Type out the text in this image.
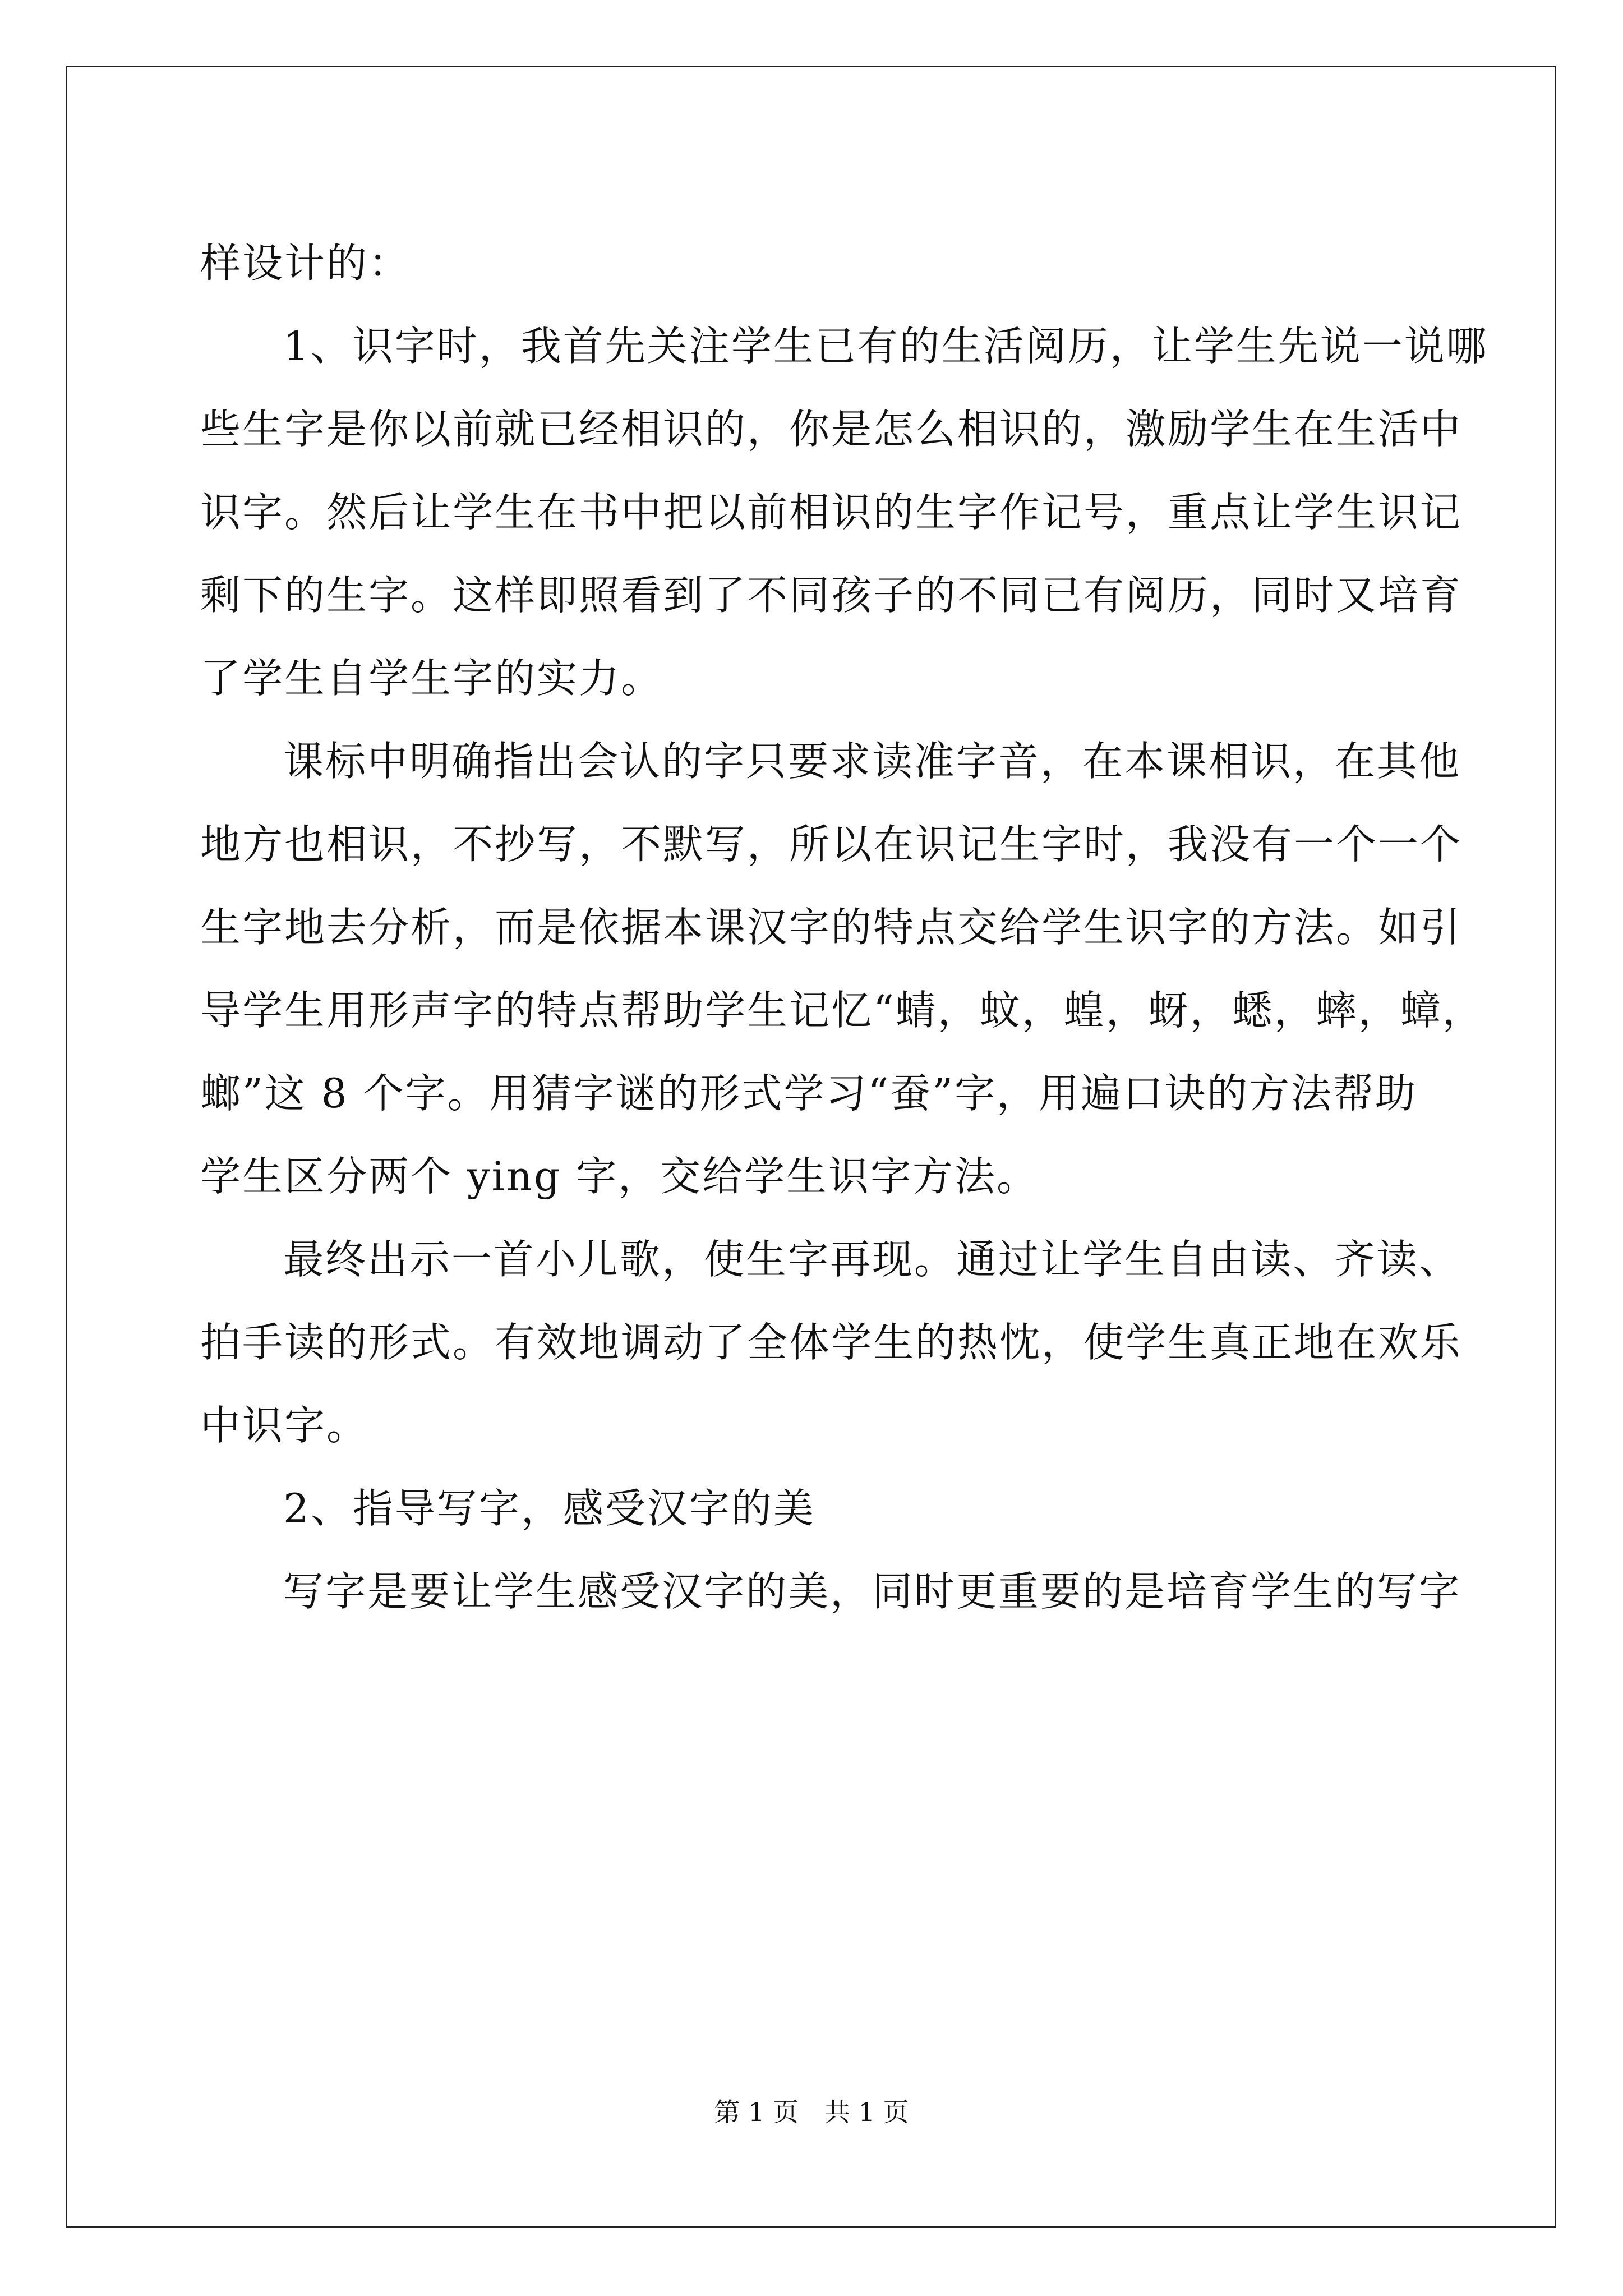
样设计的：

1、识字时，我首先关注学生已有的生活阅历，让学生先说一说哪

些生字是你以前就已经相识的，你是怎么相识的，激励学生在生活中

识字。然后让学生在书中把以前相识的生字作记号，重点让学生识记

剩下的生字。这样即照看到了不同孩子的不同已有阅历，同时又培育

了学生自学生字的实力。

课标中明确指出会认的字只要求读准字音，在本课相识，在其他

地方也相识，不抄写，不默写，所以在识记生字时，我没有一个一个

生字地去分析，而是依据本课汉字的特点交给学生识字的方法。如引

导学生用形声字的特点帮助学生记忆“蜻，蚊，蝗，蚜，蟋，蟀，蟑，

螂”这 8 个字。用猜字谜的形式学习“蚕”字，用遍口诀的方法帮助

学生区分两个 ying 字，交给学生识字方法。

最终出示一首小儿歌，使生字再现。通过让学生自由读、齐读、

拍手读的形式。有效地调动了全体学生的热忱，使学生真正地在欢乐

中识字。

2、指导写字，感受汉字的美

写字是要让学生感受汉字的美，同时更重要的是培育学生的写字

第 1 页　共 1 页
